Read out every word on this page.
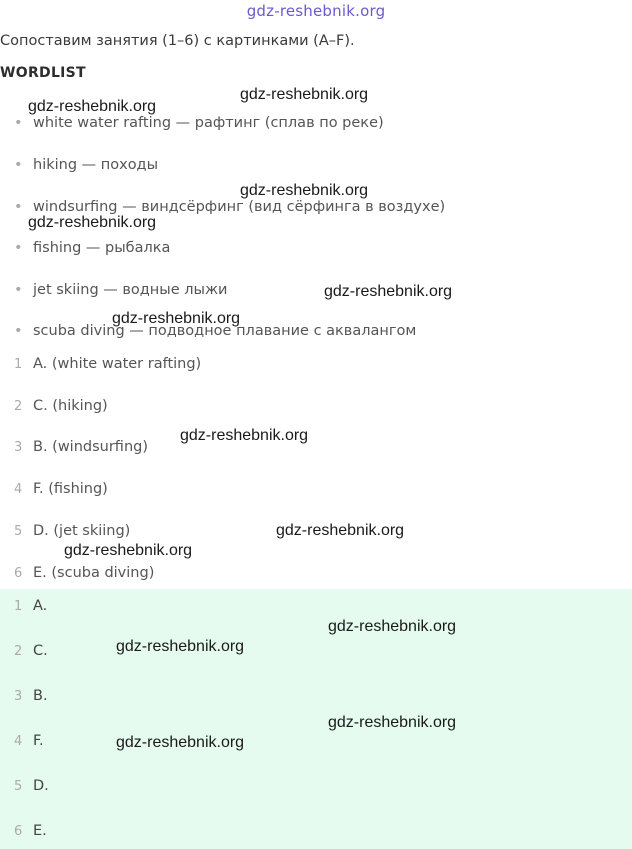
gdz-reshebnik.org
Сопоставим занятия (1–6) с картинками (A–F).
WORDLIST
• white water rafting — рафтинг (сплав по реке)
• hiking — походы
• windsurfing — виндсёрфинг (вид сёрфинга в воздухе)
• fishing — рыбалка
• jet skiing — водные лыжи
• scuba diving — подводное плавание с аквалангом
1 A. (white water rafting)
2 C. (hiking)
3 B. (windsurfing)
4 F. (fishing)
5 D. (jet skiing)
6 E. (scuba diving)
1 A.
2 C.
3 B.
4 F.
5 D.
6 E.
gdz-reshebnik.org
gdz-reshebnik.org
gdz-reshebnik.org
gdz-reshebnik.org
gdz-reshebnik.org
gdz-reshebnik.org
gdz-reshebnik.org
gdz-reshebnik.org
gdz-reshebnik.org
gdz-reshebnik.org
gdz-reshebnik.org
gdz-reshebnik.org
gdz-reshebnik.org
